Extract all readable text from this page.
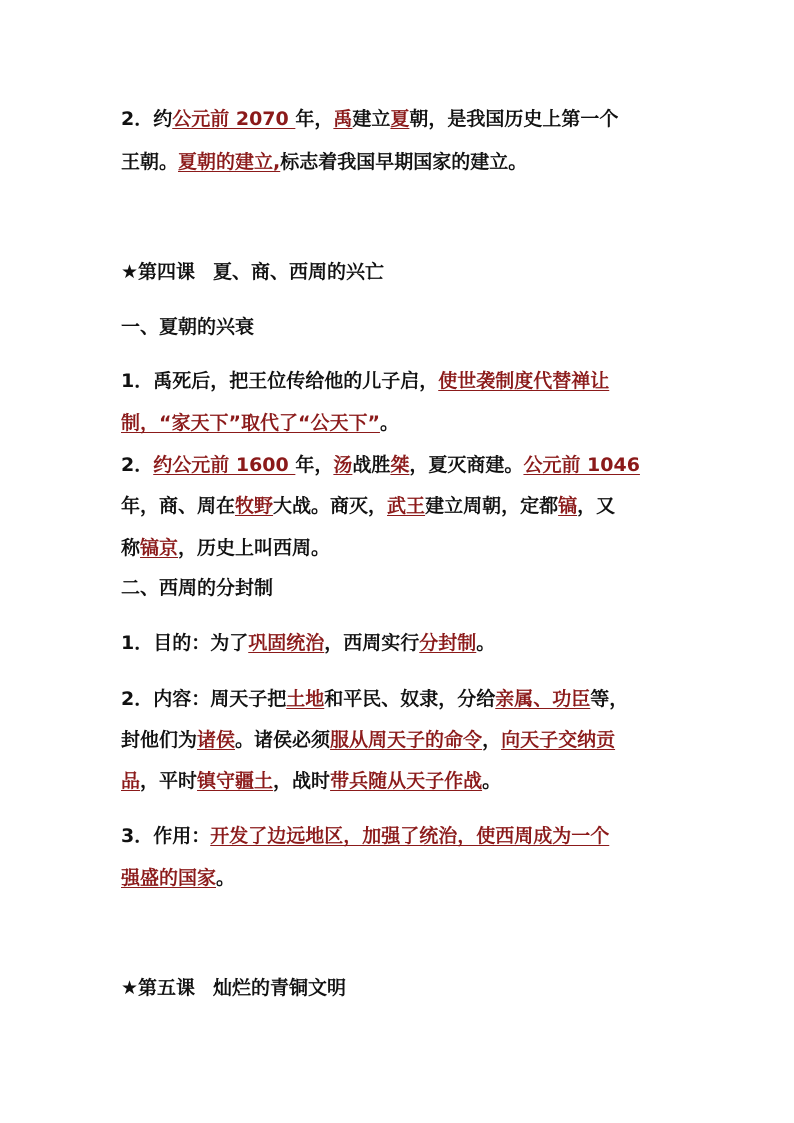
2．约公元前 2070 年，禹建立夏朝，是我国历史上第一个
王朝。夏朝的建立,标志着我国早期国家的建立。
★第四课 夏、商、西周的兴亡
一、夏朝的兴衰
1．禹死后，把王位传给他的儿子启，使世袭制度代替禅让
制，“家天下”取代了“公天下”。
2．约公元前 1600 年，汤战胜桀，夏灭商建。公元前 1046
年，商、周在牧野大战。商灭，武王建立周朝，定都镐，又
称镐京，历史上叫西周。
二、西周的分封制
1．目的：为了巩固统治，西周实行分封制。
2．内容：周天子把土地和平民、奴隶，分给亲属、功臣等，
封他们为诸侯。诸侯必须服从周天子的命令，向天子交纳贡
品，平时镇守疆土，战时带兵随从天子作战。
3．作用：开发了边远地区，加强了统治，使西周成为一个
强盛的国家。
★第五课 灿烂的青铜文明
